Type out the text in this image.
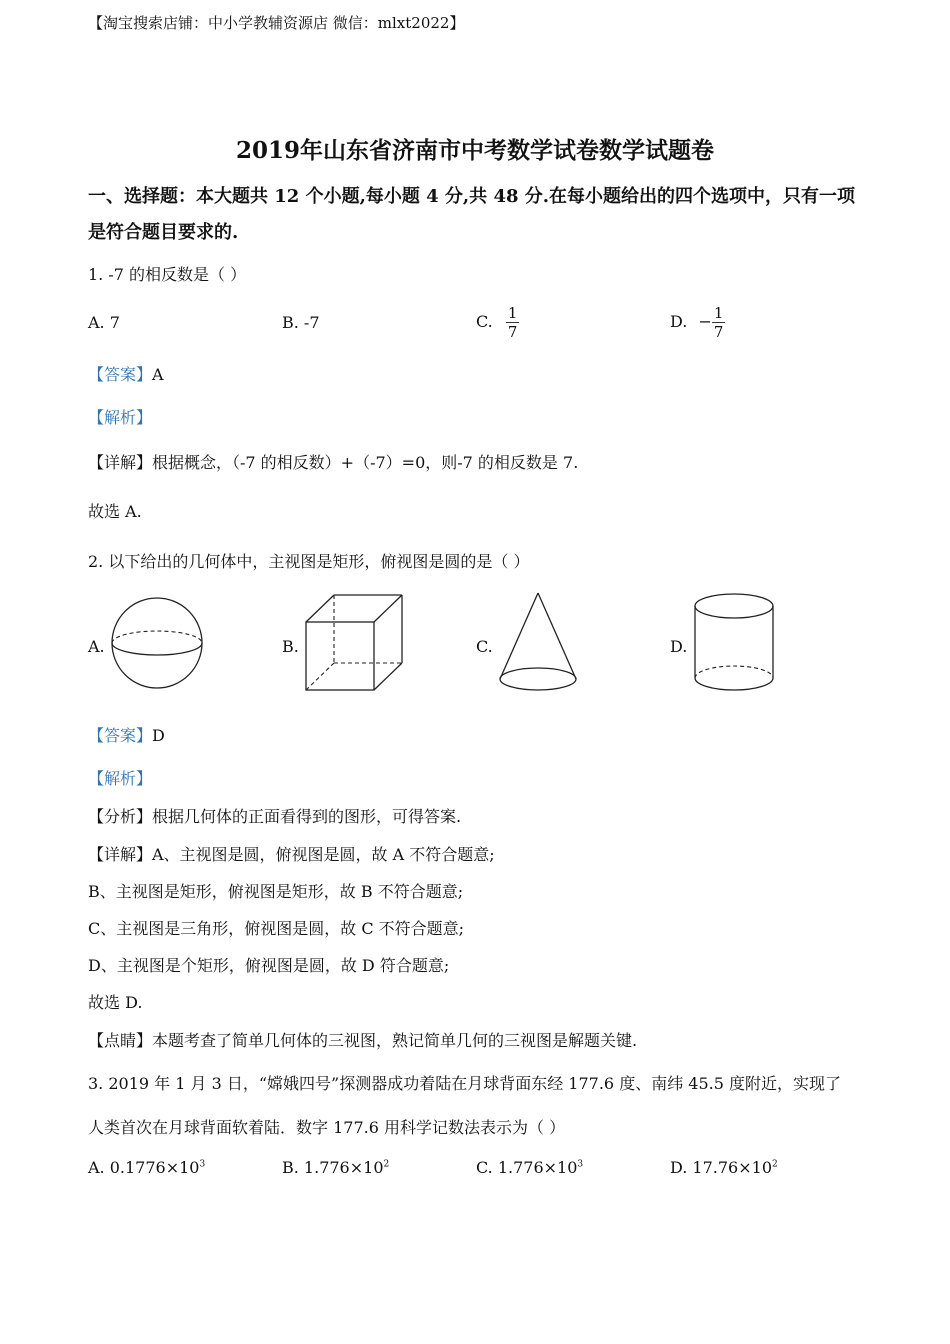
【淘宝搜索店铺：中小学教辅资源店 微信：mlxt2022】
2019年山东省济南市中考数学试卷数学试题卷
一、选择题：本大题共 12 个小题,每小题 4 分,共 48 分.在每小题给出的四个选项中，只有一项
是符合题目要求的.
1. -7 的相反数是（ ）
A. 7	B. -7	C. $\frac{1}{7}$	D. − $\frac{1}{7}$
【答案】A
【解析】
【详解】根据概念，（-7 的相反数）+（-7）=0，则-7 的相反数是 7.
故选 A.
2. 以下给出的几何体中，主视图是矩形，俯视图是圆的是（ ）
A.	B.	C.	D.
【答案】D
【解析】
【分析】根据几何体的正面看得到的图形，可得答案.
【详解】A、主视图是圆，俯视图是圆，故 A 不符合题意;
B、主视图是矩形，俯视图是矩形，故 B 不符合题意;
C、主视图是三角形，俯视图是圆，故 C 不符合题意;
D、主视图是个矩形，俯视图是圆，故 D 符合题意;
故选 D.
【点睛】本题考查了简单几何体的三视图，熟记简单几何的三视图是解题关键.
3. 2019 年 1 月 3 日，“嫦娥四号”探测器成功着陆在月球背面东经 177.6 度、南纬 45.5 度附近，实现了
人类首次在月球背面软着陆．数字 177.6 用科学记数法表示为（ ）
A. $0.1776\times 10^3$	B. $1.776\times 10^2$	C. $1.776\times 10^3$	D. $17.76\times 10^2$
